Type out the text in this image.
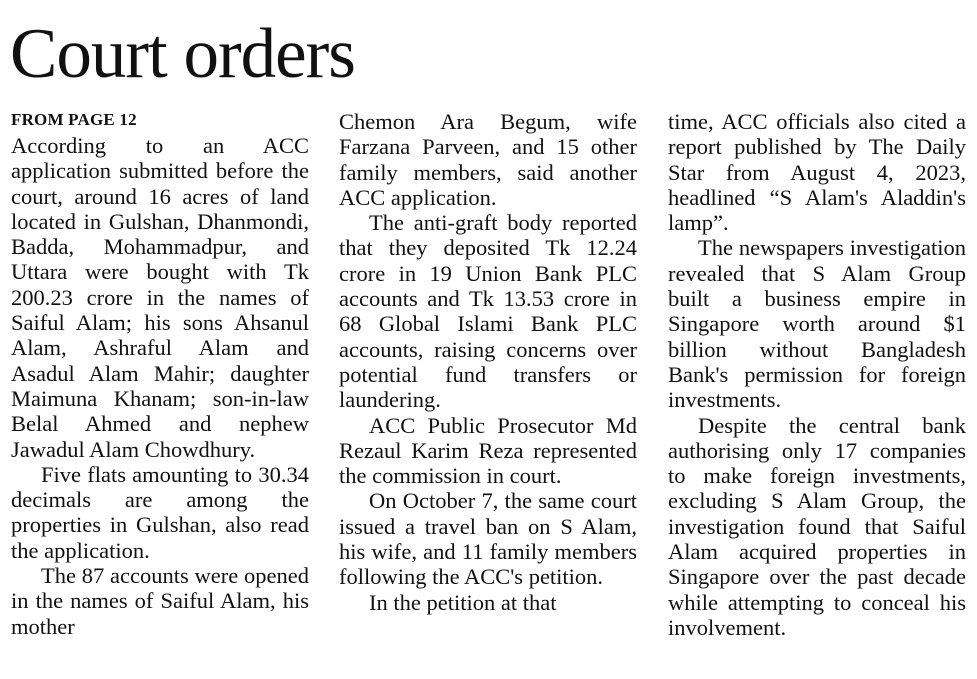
Court orders
FROM PAGE 12

According to an ACC application submitted before the court, around 16 acres of land located in Gulshan, Dhanmondi, Badda, Mohammadpur, and Uttara were bought with Tk 200.23 crore in the names of Saiful Alam; his sons Ahsanul Alam, Ashraful Alam and Asadul Alam Mahir; daughter Maimuna Khanam; son-in-law Belal Ahmed and nephew Jawadul Alam Chowdhury.

Five flats amounting to 30.34 decimals are among the properties in Gulshan, also read the application.

The 87 accounts were opened in the names of Saiful Alam, his mother

Chemon Ara Begum, wife Farzana Parveen, and 15 other family members, said another ACC application.

The anti-graft body reported that they deposited Tk 12.24 crore in 19 Union Bank PLC accounts and Tk 13.53 crore in 68 Global Islami Bank PLC accounts, raising concerns over potential fund transfers or laundering.

ACC Public Prosecutor Md Rezaul Karim Reza represented the commission in court.

On October 7, the same court issued a travel ban on S Alam, his wife, and 11 family members following the ACC's petition.

In the petition at that

time, ACC officials also cited a report published by The Daily Star from August 4, 2023, headlined “S Alam's Aladdin's lamp”.

The newspapers investigation revealed that S Alam Group built a business empire in Singapore worth around $1 billion without Bangladesh Bank's permission for foreign investments.

Despite the central bank authorising only 17 companies to make foreign investments, excluding S Alam Group, the investigation found that Saiful Alam acquired properties in Singapore over the past decade while attempting to conceal his involvement.
